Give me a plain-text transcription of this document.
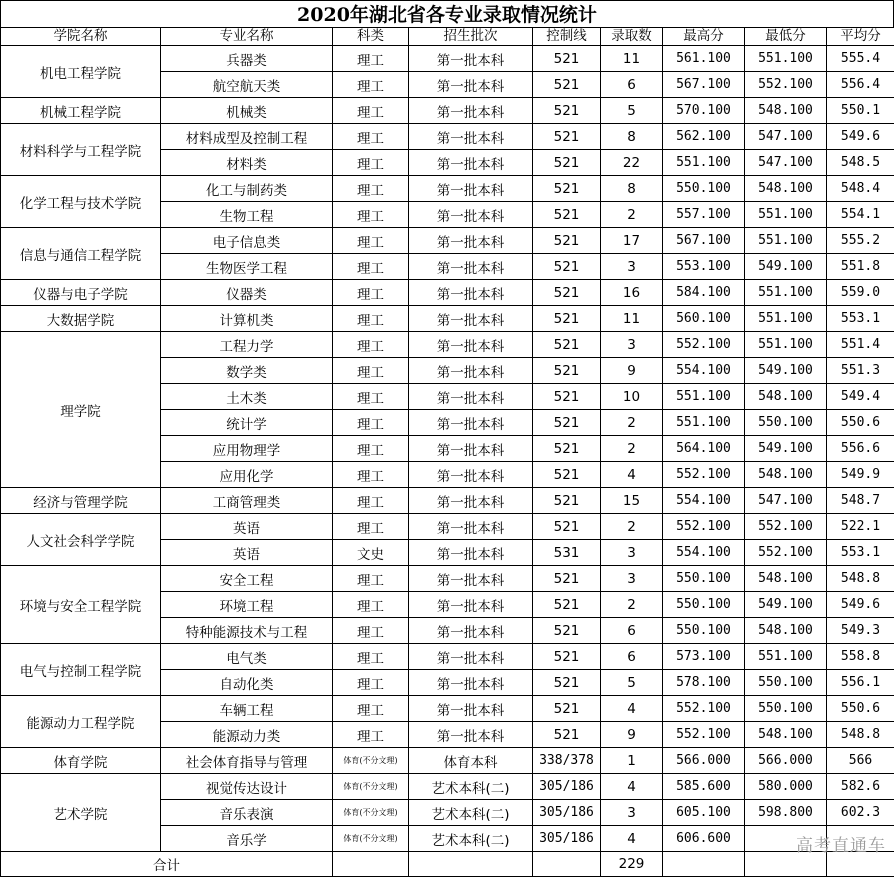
2020年湖北省各专业录取情况统计
学院名称	专业名称	科类	招生批次	控制线	录取数	最高分	最低分	平均分
机电工程学院	兵器类	理工	第一批本科	521	11	561.100	551.100	555.4
	航空航天类	理工	第一批本科	521	6	567.100	552.100	556.4
机械工程学院	机械类	理工	第一批本科	521	5	570.100	548.100	550.1
材料科学与工程学院	材料成型及控制工程	理工	第一批本科	521	8	562.100	547.100	549.6
	材料类	理工	第一批本科	521	22	551.100	547.100	548.5
化学工程与技术学院	化工与制药类	理工	第一批本科	521	8	550.100	548.100	548.4
	生物工程	理工	第一批本科	521	2	557.100	551.100	554.1
信息与通信工程学院	电子信息类	理工	第一批本科	521	17	567.100	551.100	555.2
	生物医学工程	理工	第一批本科	521	3	553.100	549.100	551.8
仪器与电子学院	仪器类	理工	第一批本科	521	16	584.100	551.100	559.0
大数据学院	计算机类	理工	第一批本科	521	11	560.100	551.100	553.1
理学院	工程力学	理工	第一批本科	521	3	552.100	551.100	551.4
	数学类	理工	第一批本科	521	9	554.100	549.100	551.3
	土木类	理工	第一批本科	521	10	551.100	548.100	549.4
	统计学	理工	第一批本科	521	2	551.100	550.100	550.6
	应用物理学	理工	第一批本科	521	2	564.100	549.100	556.6
	应用化学	理工	第一批本科	521	4	552.100	548.100	549.9
经济与管理学院	工商管理类	理工	第一批本科	521	15	554.100	547.100	548.7
人文社会科学学院	英语	理工	第一批本科	521	2	552.100	552.100	522.1
	英语	文史	第一批本科	531	3	554.100	552.100	553.1
环境与安全工程学院	安全工程	理工	第一批本科	521	3	550.100	548.100	548.8
	环境工程	理工	第一批本科	521	2	550.100	549.100	549.6
	特种能源技术与工程	理工	第一批本科	521	6	550.100	548.100	549.3
电气与控制工程学院	电气类	理工	第一批本科	521	6	573.100	551.100	558.8
	自动化类	理工	第一批本科	521	5	578.100	550.100	556.1
能源动力工程学院	车辆工程	理工	第一批本科	521	4	552.100	550.100	550.6
	能源动力类	理工	第一批本科	521	9	552.100	548.100	548.8
体育学院	社会体育指导与管理	体育(不分文理)	体育本科	338/378	1	566.000	566.000	566
艺术学院	视觉传达设计	体育(不分文理)	艺术本科(二)	305/186	4	585.600	580.000	582.6
	音乐表演	体育(不分文理)	艺术本科(二)	305/186	3	605.100	598.800	602.3
	音乐学	体育(不分文理)	艺术本科(二)	305/186	4	606.600		
合计					229			
高考直通车
